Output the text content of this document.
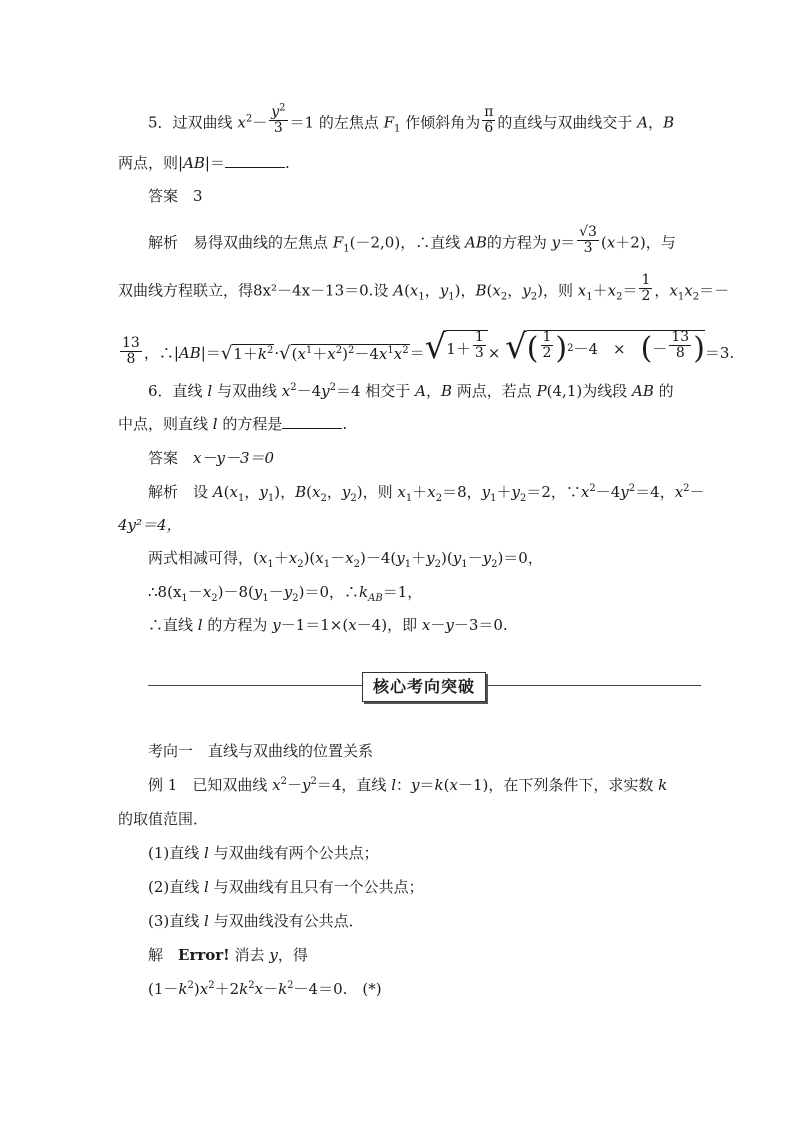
5．过双曲线 $x^2- \frac{y^2}{3} =1$ 的左焦点 $F_1$ 作倾斜角为 $\frac{\pi}{6}$ 的直线与双曲线交于 A，B
两点，则|AB|＝	.
答案　 3
解析　 易得双曲线的左焦点 $F_1(-2,0)$，∴直线 AB的方程为 $y= \frac{√3}{3} (x+2)$，与
双曲线方程联立，得8x²－4x－13＝0.设 $A(x_1$，$y_1$)，$B(x_2$，$y_2$)，则 $x_1+x_2= \frac{1}{2}$ ，$x_1x_2=-$
$\frac{13}{8}$ ，$\therefore|AB|=√1+k^2\cdot√(x^1+x^2)^2-4x^1x^2=$ √ $1+ \frac{1}{3}$ × √ ( $\frac{1}{2}$ ) 2 －4　×　 ( － $\frac{13}{8}$ ) ＝3.
6．直线 l 与双曲线 $x^2-4y^2=4$ 相交于 A，B 两点，若点 P(4,1)为线段 AB 的
中点，则直线 l 的方程是	.
答案　 x－y－3＝0
解析　 设 $A(x_1$，$y_1$)，$B(x_2$，$y_2$)，则 $x_1+x_2=8$，$y_1+y_2=2$，$\because x^2-4y^2=4$，$x^2-$
4y²＝4，
两式相减可得，$(x_1+x_2)(x_1-x_2)-4(y_1+y_2)(y_1-y_2)=0$，
$\therefore 8(x_1-x_2)-8(y_1-y_2)=0$，$\therefore k_{AB}=1$，
∴直线 l 的方程为 y－1＝1×(x－4)，即 x－y－3＝0.
核心考向突破
考向一　直线与双曲线的位置关系
例 1　 已知双曲线 $x^2-y^2=4$，直线 l：y＝k(x－1)，在下列条件下，求实数 k
的取值范围．
(1)直线 l 与双曲线有两个公共点；
(2)直线 l 与双曲线有且只有一个公共点；
(3)直线 l 与双曲线没有公共点．
解　 Error! 消去 y，得
$(1-k^2)x^2+2k^2x-k^2-4=0$.　(*)
